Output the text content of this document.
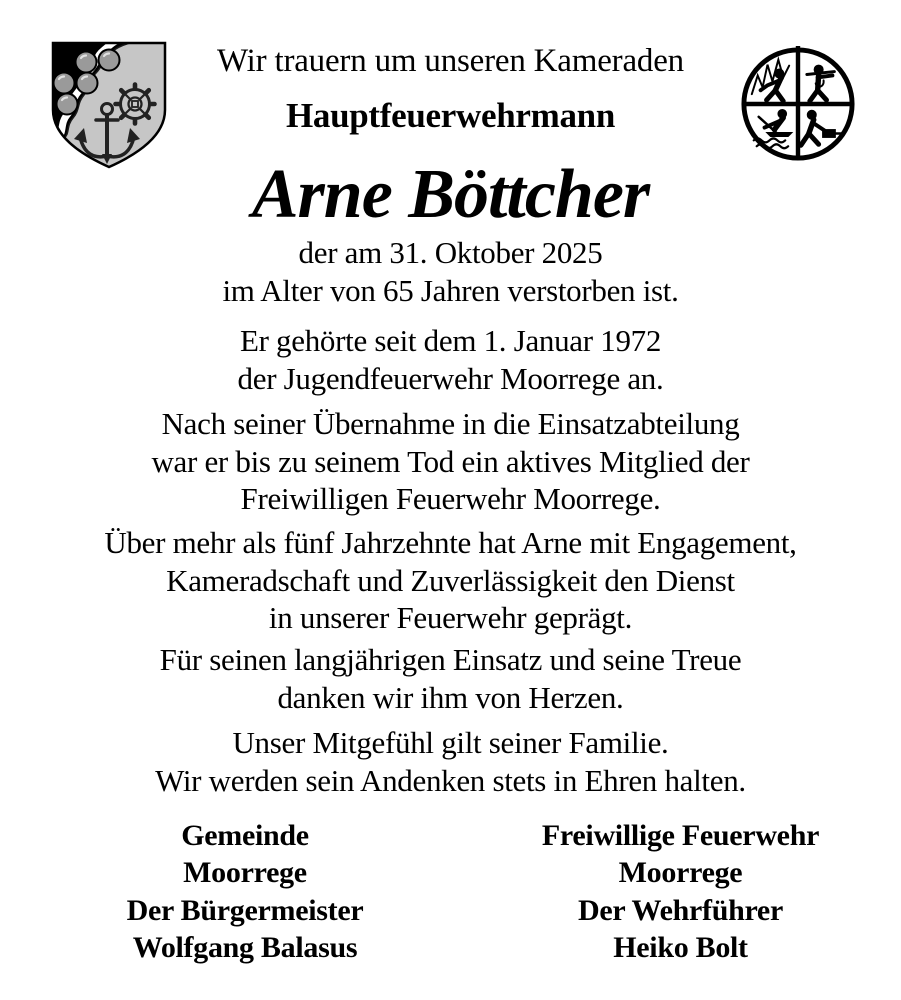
Wir trauern um unseren Kameraden
Hauptfeuerwehrmann
Arne Böttcher
der am 31. Oktober 2025
im Alter von 65 Jahren verstorben ist.
Er gehörte seit dem 1. Januar 1972
der Jugendfeuerwehr Moorrege an.
Nach seiner Übernahme in die Einsatzabteilung
war er bis zu seinem Tod ein aktives Mitglied der
Freiwilligen Feuerwehr Moorrege.
Über mehr als fünf Jahrzehnte hat Arne mit Engagement,
Kameradschaft und Zuverlässigkeit den Dienst
in unserer Feuerwehr geprägt.
Für seinen langjährigen Einsatz und seine Treue
danken wir ihm von Herzen.
Unser Mitgefühl gilt seiner Familie.
Wir werden sein Andenken stets in Ehren halten.
Gemeinde
Moorrege
Der Bürgermeister
Wolfgang Balasus
Freiwillige Feuerwehr
Moorrege
Der Wehrführer
Heiko Bolt
